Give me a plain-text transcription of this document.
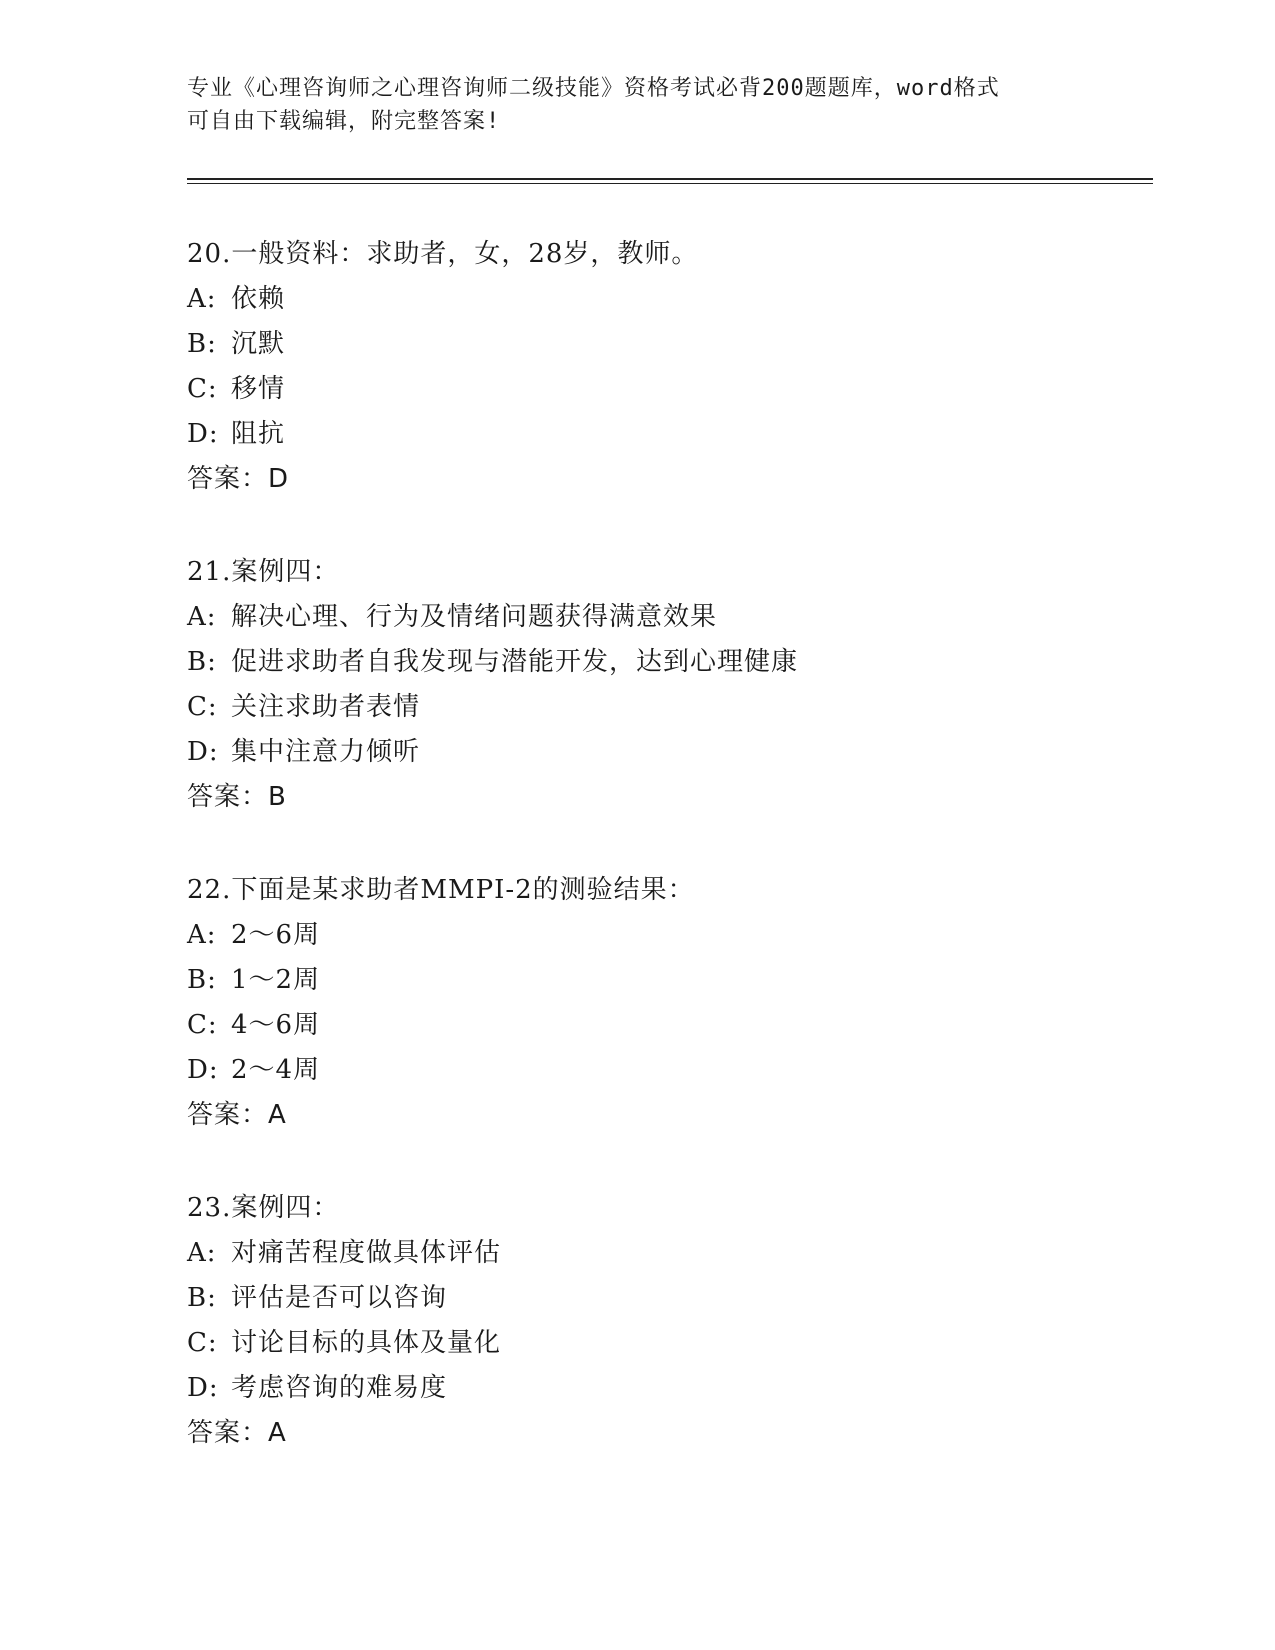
专业《心理咨询师之心理咨询师二级技能》资格考试必背200题题库，word格式
可自由下载编辑，附完整答案!
20.一般资料：求助者，女，28岁，教师。
A: 依赖
B: 沉默
C: 移情
D: 阻抗
答案：D
21.案例四：
A: 解决心理、行为及情绪问题获得满意效果
B: 促进求助者自我发现与潜能开发，达到心理健康
C: 关注求助者表情
D: 集中注意力倾听
答案：B
22.下面是某求助者MMPI-2的测验结果：
A: 2～6周
B: 1～2周
C: 4～6周
D: 2～4周
答案：A
23.案例四：
A: 对痛苦程度做具体评估
B: 评估是否可以咨询
C: 讨论目标的具体及量化
D: 考虑咨询的难易度
答案：A
